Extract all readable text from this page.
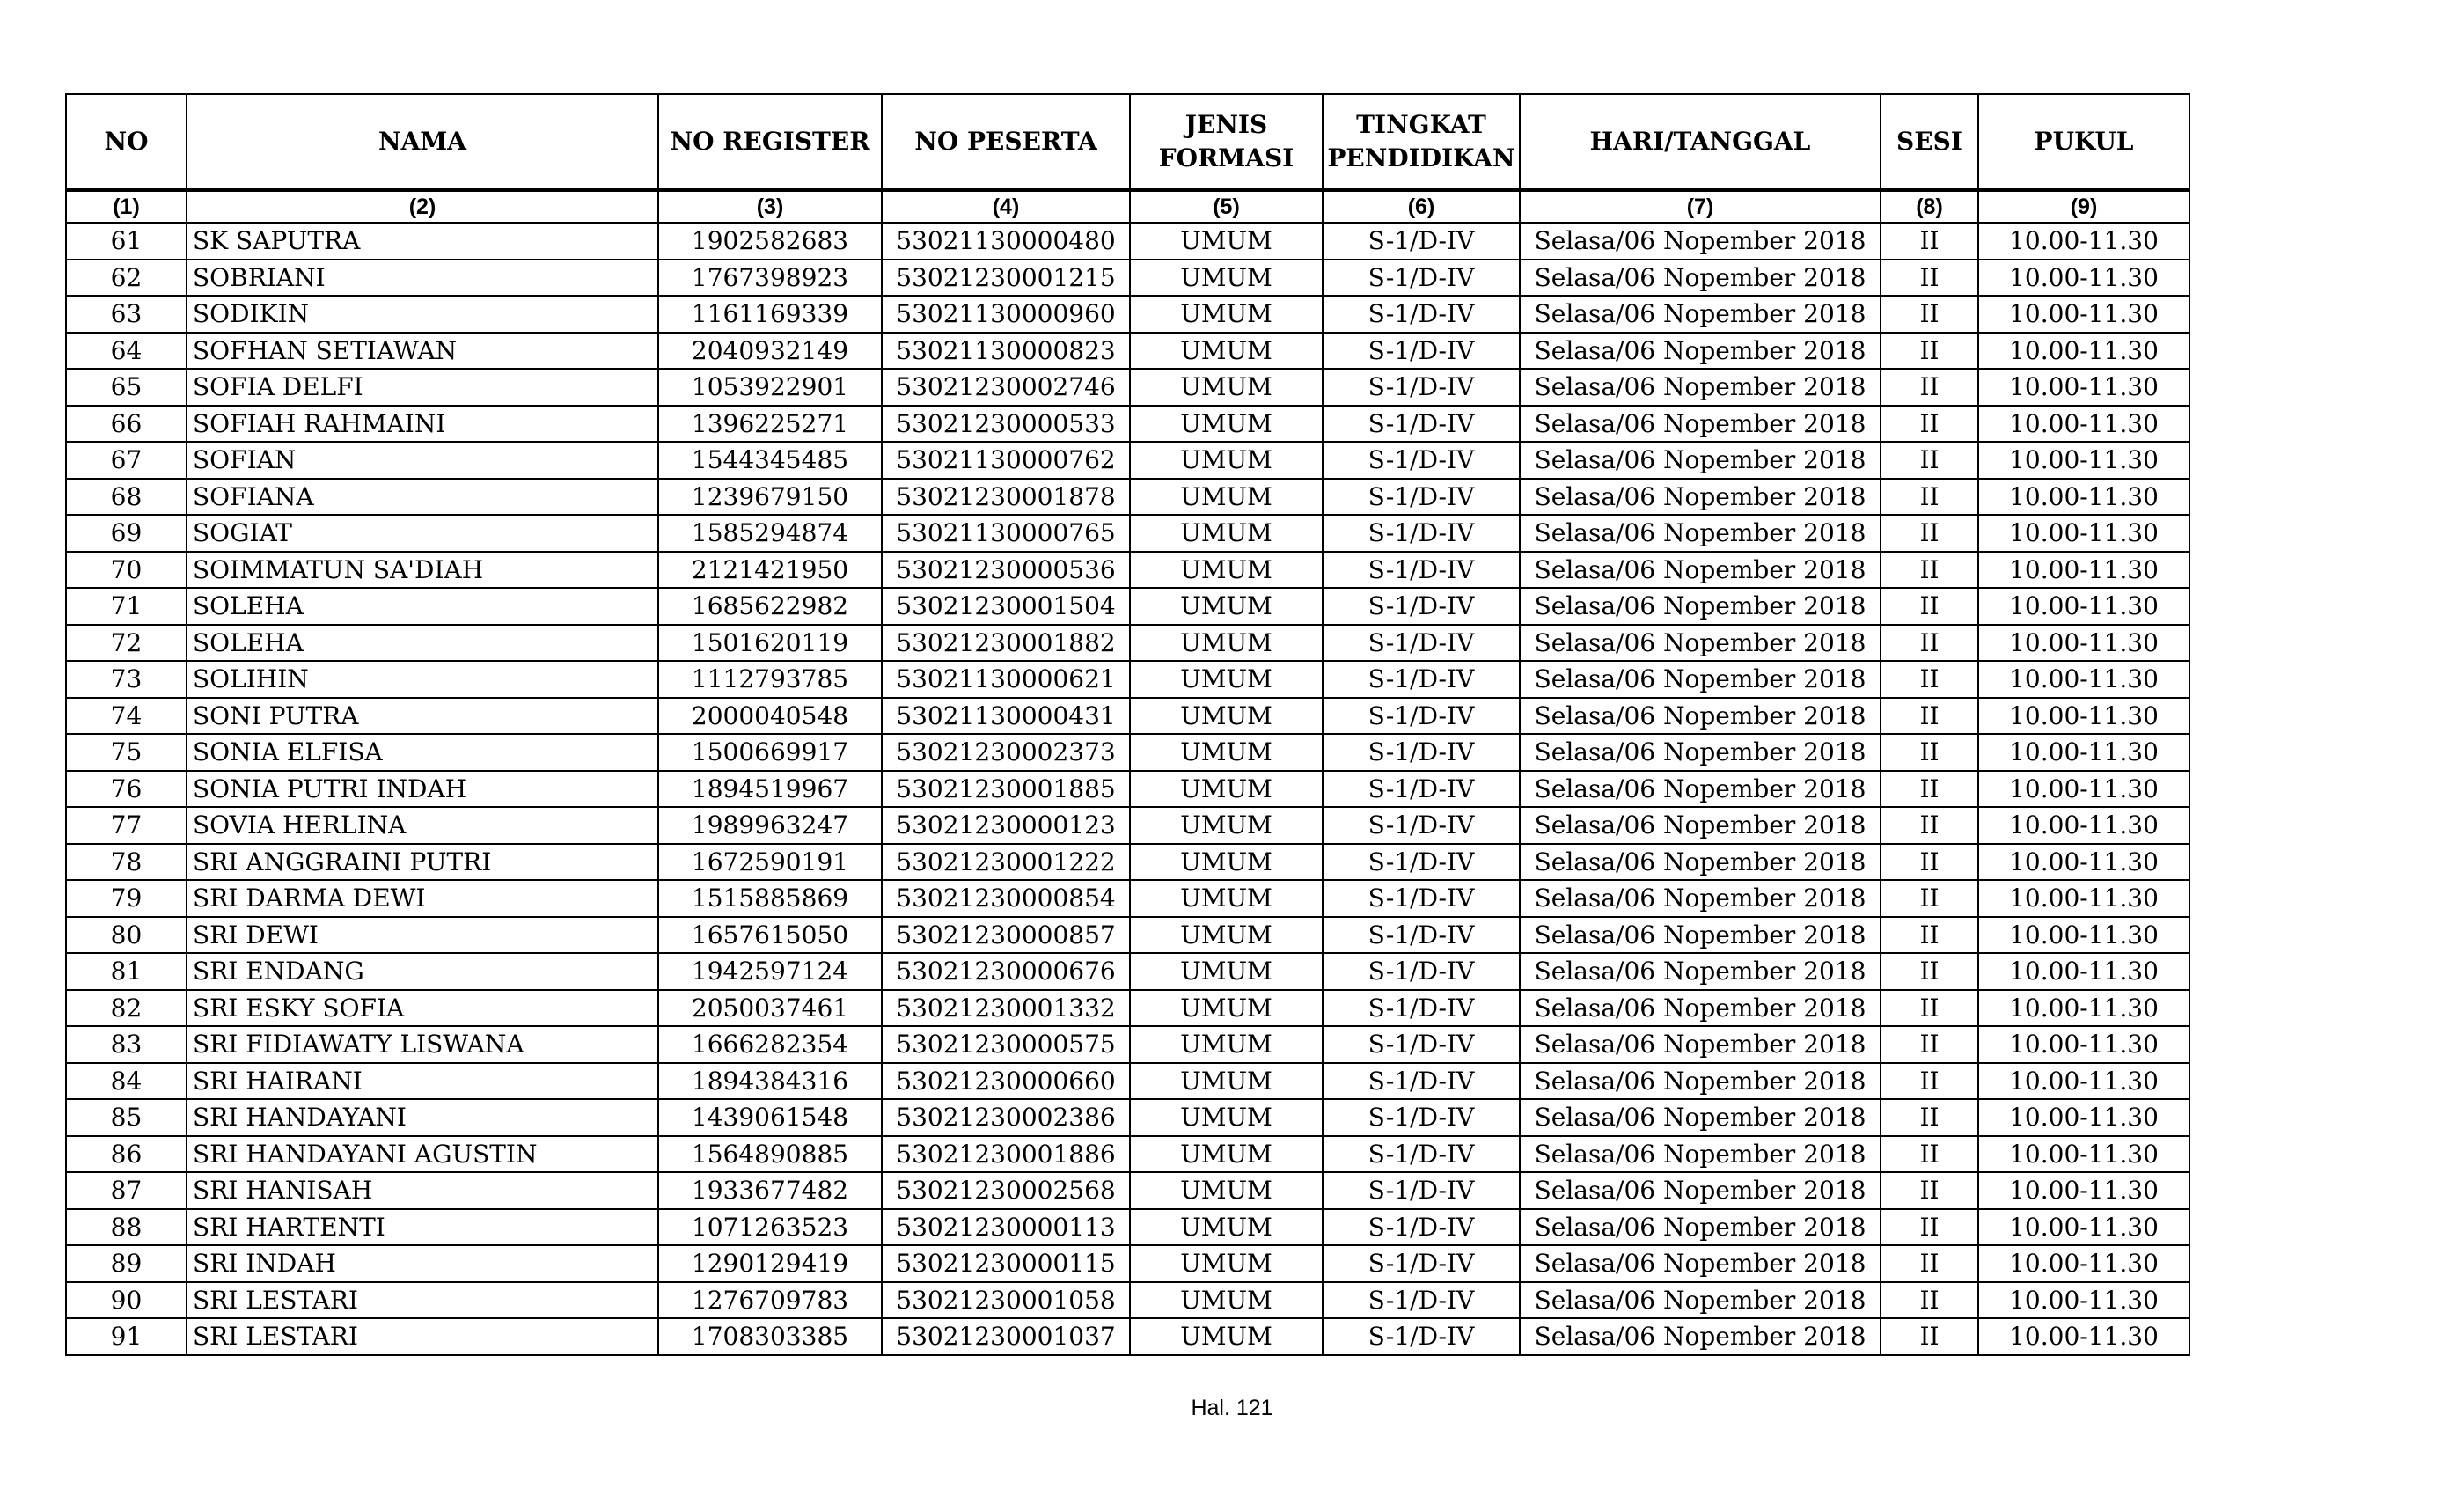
NO	NAMA	NO REGISTER	NO PESERTA	JENIS FORMASI	TINGKAT PENDIDIKAN	HARI/TANGGAL	SESI	PUKUL
(1)	(2)	(3)	(4)	(5)	(6)	(7)	(8)	(9)
61	SK SAPUTRA	1902582683	53021130000480	UMUM	S-1/D-IV	Selasa/06 Nopember 2018	II	10.00-11.30
62	SOBRIANI	1767398923	53021230001215	UMUM	S-1/D-IV	Selasa/06 Nopember 2018	II	10.00-11.30
63	SODIKIN	1161169339	53021130000960	UMUM	S-1/D-IV	Selasa/06 Nopember 2018	II	10.00-11.30
64	SOFHAN SETIAWAN	2040932149	53021130000823	UMUM	S-1/D-IV	Selasa/06 Nopember 2018	II	10.00-11.30
65	SOFIA DELFI	1053922901	53021230002746	UMUM	S-1/D-IV	Selasa/06 Nopember 2018	II	10.00-11.30
66	SOFIAH RAHMAINI	1396225271	53021230000533	UMUM	S-1/D-IV	Selasa/06 Nopember 2018	II	10.00-11.30
67	SOFIAN	1544345485	53021130000762	UMUM	S-1/D-IV	Selasa/06 Nopember 2018	II	10.00-11.30
68	SOFIANA	1239679150	53021230001878	UMUM	S-1/D-IV	Selasa/06 Nopember 2018	II	10.00-11.30
69	SOGIAT	1585294874	53021130000765	UMUM	S-1/D-IV	Selasa/06 Nopember 2018	II	10.00-11.30
70	SOIMMATUN SA'DIAH	2121421950	53021230000536	UMUM	S-1/D-IV	Selasa/06 Nopember 2018	II	10.00-11.30
71	SOLEHA	1685622982	53021230001504	UMUM	S-1/D-IV	Selasa/06 Nopember 2018	II	10.00-11.30
72	SOLEHA	1501620119	53021230001882	UMUM	S-1/D-IV	Selasa/06 Nopember 2018	II	10.00-11.30
73	SOLIHIN	1112793785	53021130000621	UMUM	S-1/D-IV	Selasa/06 Nopember 2018	II	10.00-11.30
74	SONI PUTRA	2000040548	53021130000431	UMUM	S-1/D-IV	Selasa/06 Nopember 2018	II	10.00-11.30
75	SONIA ELFISA	1500669917	53021230002373	UMUM	S-1/D-IV	Selasa/06 Nopember 2018	II	10.00-11.30
76	SONIA PUTRI INDAH	1894519967	53021230001885	UMUM	S-1/D-IV	Selasa/06 Nopember 2018	II	10.00-11.30
77	SOVIA HERLINA	1989963247	53021230000123	UMUM	S-1/D-IV	Selasa/06 Nopember 2018	II	10.00-11.30
78	SRI ANGGRAINI PUTRI	1672590191	53021230001222	UMUM	S-1/D-IV	Selasa/06 Nopember 2018	II	10.00-11.30
79	SRI DARMA DEWI	1515885869	53021230000854	UMUM	S-1/D-IV	Selasa/06 Nopember 2018	II	10.00-11.30
80	SRI DEWI	1657615050	53021230000857	UMUM	S-1/D-IV	Selasa/06 Nopember 2018	II	10.00-11.30
81	SRI ENDANG	1942597124	53021230000676	UMUM	S-1/D-IV	Selasa/06 Nopember 2018	II	10.00-11.30
82	SRI ESKY SOFIA	2050037461	53021230001332	UMUM	S-1/D-IV	Selasa/06 Nopember 2018	II	10.00-11.30
83	SRI FIDIAWATY LISWANA	1666282354	53021230000575	UMUM	S-1/D-IV	Selasa/06 Nopember 2018	II	10.00-11.30
84	SRI HAIRANI	1894384316	53021230000660	UMUM	S-1/D-IV	Selasa/06 Nopember 2018	II	10.00-11.30
85	SRI HANDAYANI	1439061548	53021230002386	UMUM	S-1/D-IV	Selasa/06 Nopember 2018	II	10.00-11.30
86	SRI HANDAYANI AGUSTIN	1564890885	53021230001886	UMUM	S-1/D-IV	Selasa/06 Nopember 2018	II	10.00-11.30
87	SRI HANISAH	1933677482	53021230002568	UMUM	S-1/D-IV	Selasa/06 Nopember 2018	II	10.00-11.30
88	SRI HARTENTI	1071263523	53021230000113	UMUM	S-1/D-IV	Selasa/06 Nopember 2018	II	10.00-11.30
89	SRI INDAH	1290129419	53021230000115	UMUM	S-1/D-IV	Selasa/06 Nopember 2018	II	10.00-11.30
90	SRI LESTARI	1276709783	53021230001058	UMUM	S-1/D-IV	Selasa/06 Nopember 2018	II	10.00-11.30
91	SRI LESTARI	1708303385	53021230001037	UMUM	S-1/D-IV	Selasa/06 Nopember 2018	II	10.00-11.30
Hal. 121
